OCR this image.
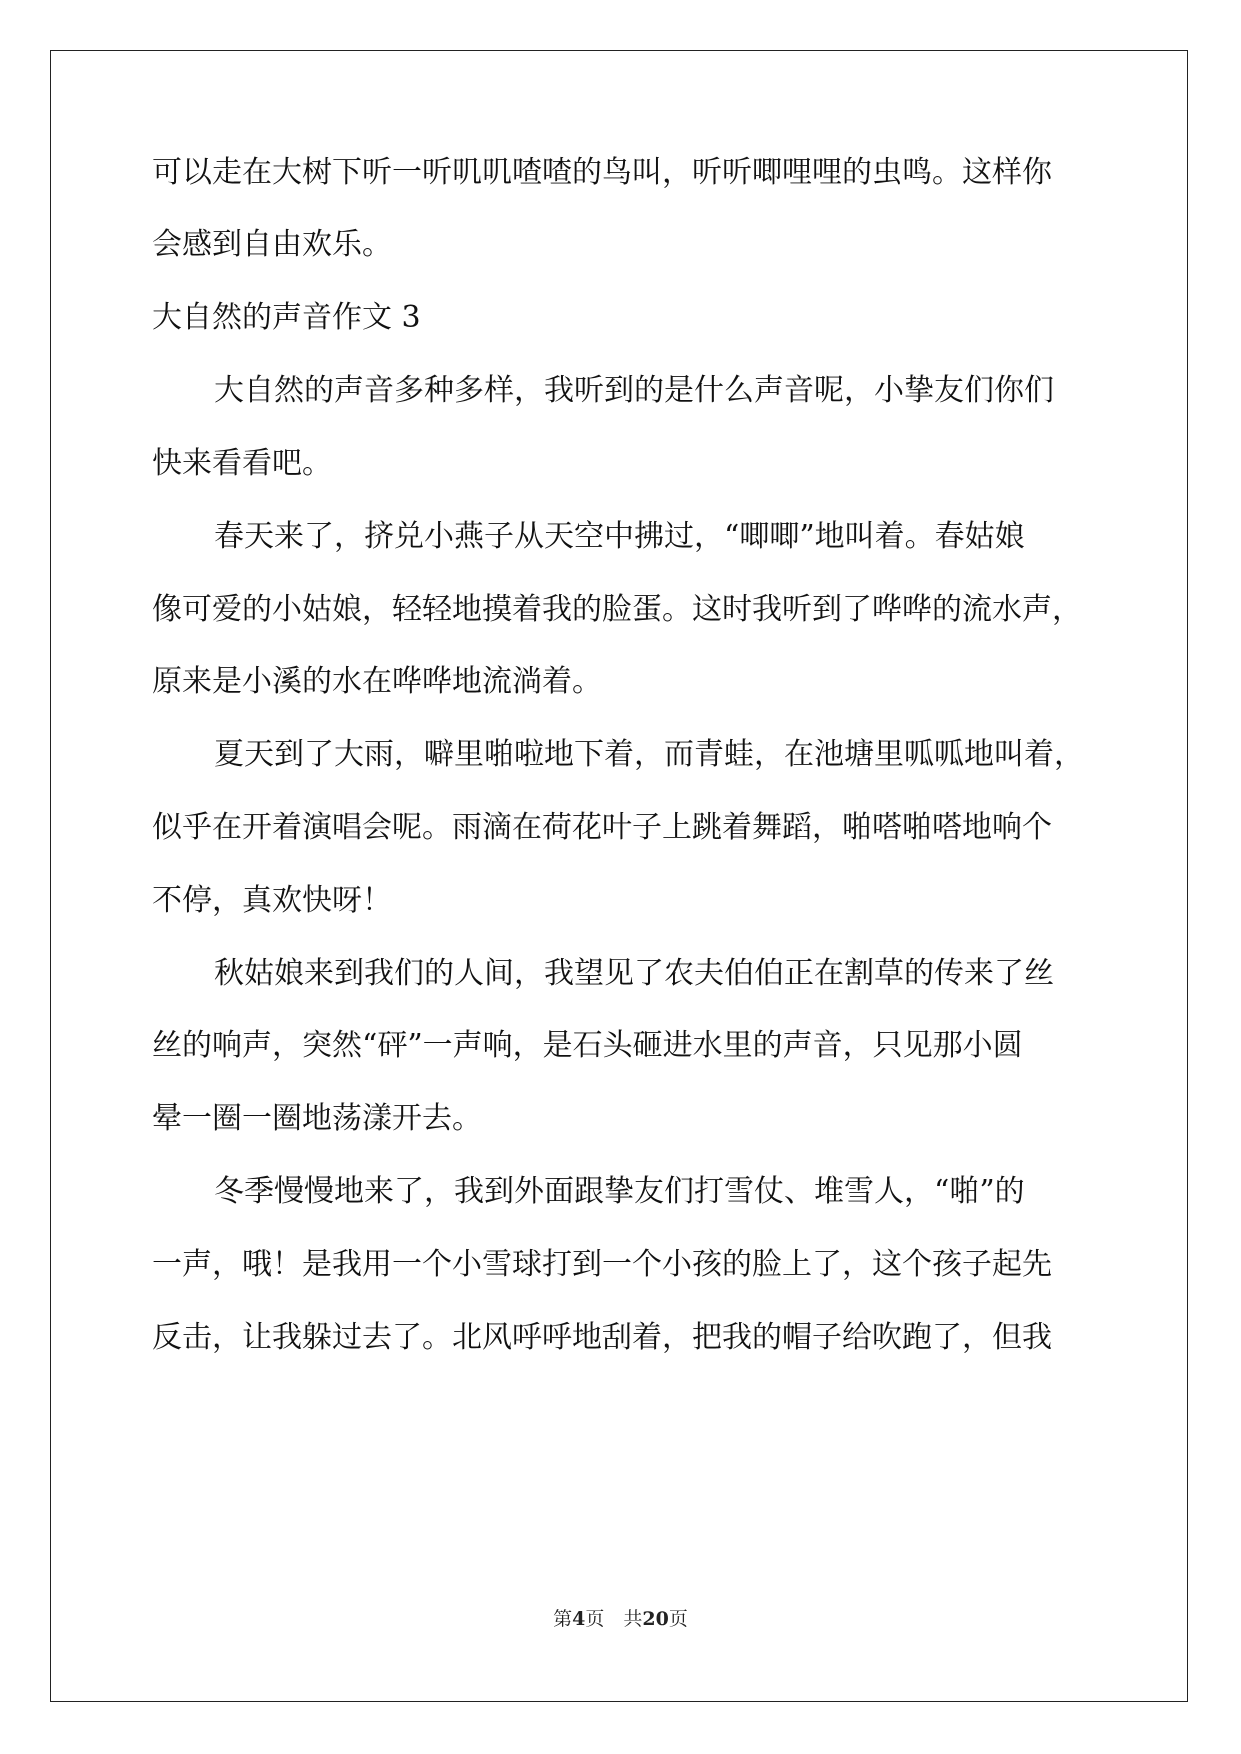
可以走在大树下听一听叽叽喳喳的鸟叫，听听唧哩哩的虫鸣。这样你
会感到自由欢乐。
大自然的声音作文 3
大自然的声音多种多样，我听到的是什么声音呢，小挚友们你们
快来看看吧。
春天来了，挤兑小燕子从天空中拂过，“唧唧”地叫着。春姑娘
像可爱的小姑娘，轻轻地摸着我的脸蛋。这时我听到了哗哗的流水声，
原来是小溪的水在哗哗地流淌着。
夏天到了大雨，噼里啪啦地下着，而青蛙，在池塘里呱呱地叫着，
似乎在开着演唱会呢。雨滴在荷花叶子上跳着舞蹈，啪嗒啪嗒地响个
不停，真欢快呀！
秋姑娘来到我们的人间，我望见了农夫伯伯正在割草的传来了丝
丝的响声，突然“砰”一声响，是石头砸进水里的声音，只见那小圆
晕一圈一圈地荡漾开去。
冬季慢慢地来了，我到外面跟挚友们打雪仗、堆雪人，“啪”的
一声，哦！是我用一个小雪球打到一个小孩的脸上了，这个孩子起先
反击，让我躲过去了。北风呼呼地刮着，把我的帽子给吹跑了，但我
第4页　共20页
